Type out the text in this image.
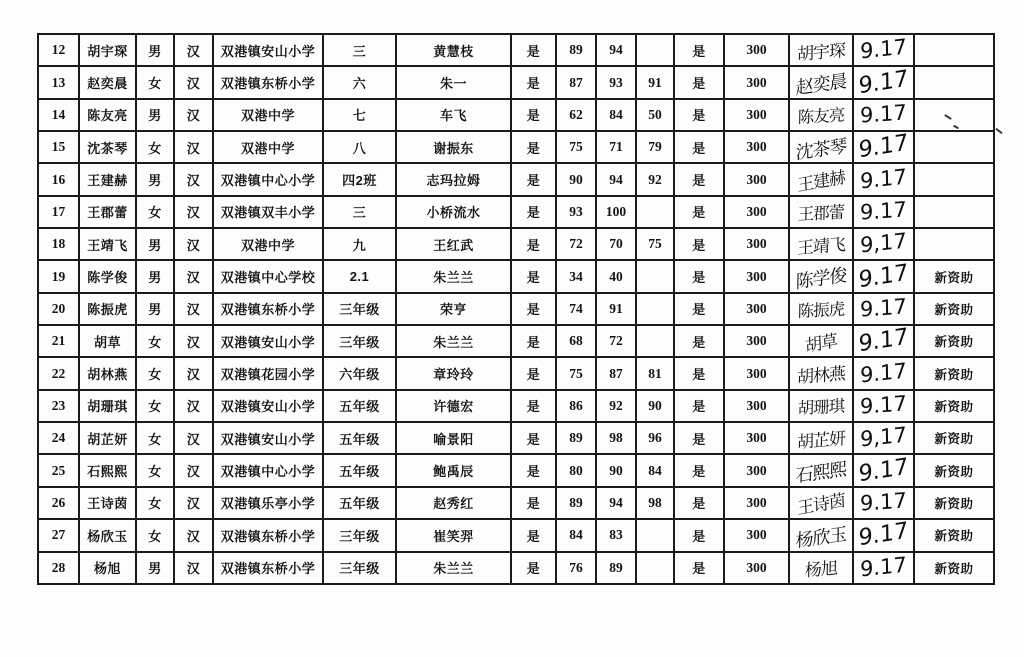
12	胡宇琛	男	汉	双港镇安山小学	三	黄慧枝	是	89	94		是	300	胡宇琛	9.17	
13	赵奕晨	女	汉	双港镇东桥小学	六	朱一	是	87	93	91	是	300	赵奕晨	9.17	
14	陈友亮	男	汉	双港中学	七	车飞	是	62	84	50	是	300	陈友亮	9.17	
15	沈茶琴	女	汉	双港中学	八	谢振东	是	75	71	79	是	300	沈茶琴	9.17	
16	王建赫	男	汉	双港镇中心小学	四2班	志玛拉姆	是	90	94	92	是	300	王建赫	9.17	
17	王郡蕾	女	汉	双港镇双丰小学	三	小桥流水	是	93	100		是	300	王郡蕾	9.17	
18	王靖飞	男	汉	双港中学	九	王红武	是	72	70	75	是	300	王靖飞	9,17	
19	陈学俊	男	汉	双港镇中心学校	2.1	朱兰兰	是	34	40		是	300	陈学俊	9.17	新资助
20	陈振虎	男	汉	双港镇东桥小学	三年级	荣亨	是	74	91		是	300	陈振虎	9.17	新资助
21	胡草	女	汉	双港镇安山小学	三年级	朱兰兰	是	68	72		是	300	胡草	9.17	新资助
22	胡林燕	女	汉	双港镇花园小学	六年级	章玲玲	是	75	87	81	是	300	胡林燕	9.17	新资助
23	胡珊琪	女	汉	双港镇安山小学	五年级	许德宏	是	86	92	90	是	300	胡珊琪	9.17	新资助
24	胡芷妍	女	汉	双港镇安山小学	五年级	喻景阳	是	89	98	96	是	300	胡芷妍	9,17	新资助
25	石熙熙	女	汉	双港镇中心小学	五年级	鲍禹辰	是	80	90	84	是	300	石熙熙	9.17	新资助
26	王诗茵	女	汉	双港镇乐亭小学	五年级	赵秀红	是	89	94	98	是	300	王诗茵	9.17	新资助
27	杨欣玉	女	汉	双港镇东桥小学	三年级	崔笑羿	是	84	83		是	300	杨欣玉	9.17	新资助
28	杨旭	男	汉	双港镇东桥小学	三年级	朱兰兰	是	76	89		是	300	杨旭	9.17	新资助
